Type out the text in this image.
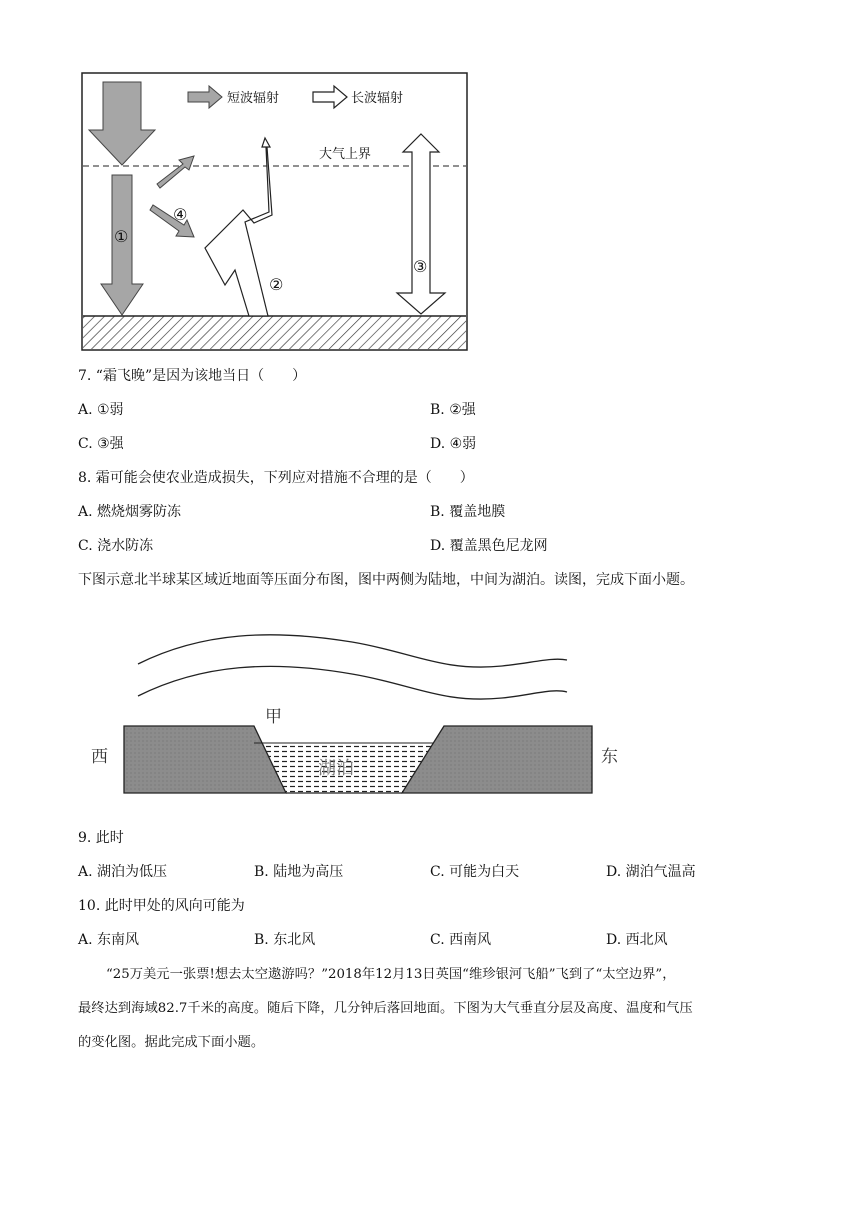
大气上界
①
④
②
③
短波辐射	长波辐射
7. “霜飞晚”是因为该地当日（　　）
A. ①弱	B. ②强
C. ③强	D. ④弱
8. 霜可能会使农业造成损失，下列应对措施不合理的是（　　）
A. 燃烧烟雾防冻	B. 覆盖地膜
C. 浇水防冻	D. 覆盖黑色尼龙网
下图示意北半球某区域近地面等压面分布图，图中两侧为陆地，中间为湖泊。读图，完成下面小题。
甲
西	东
湖泊
9. 此时
A. 湖泊为低压	B. 陆地为高压	C. 可能为白天	D. 湖泊气温高
10. 此时甲处的风向可能为
A. 东南风	B. 东北风	C. 西南风	D. 西北风
“25万美元一张票!想去太空遨游吗？”2018年12月13日英国“维珍银河飞船”飞到了“太空边界”，
最终达到海域82.7千米的高度。随后下降，几分钟后落回地面。下图为大气垂直分层及高度、温度和气压
的变化图。据此完成下面小题。
